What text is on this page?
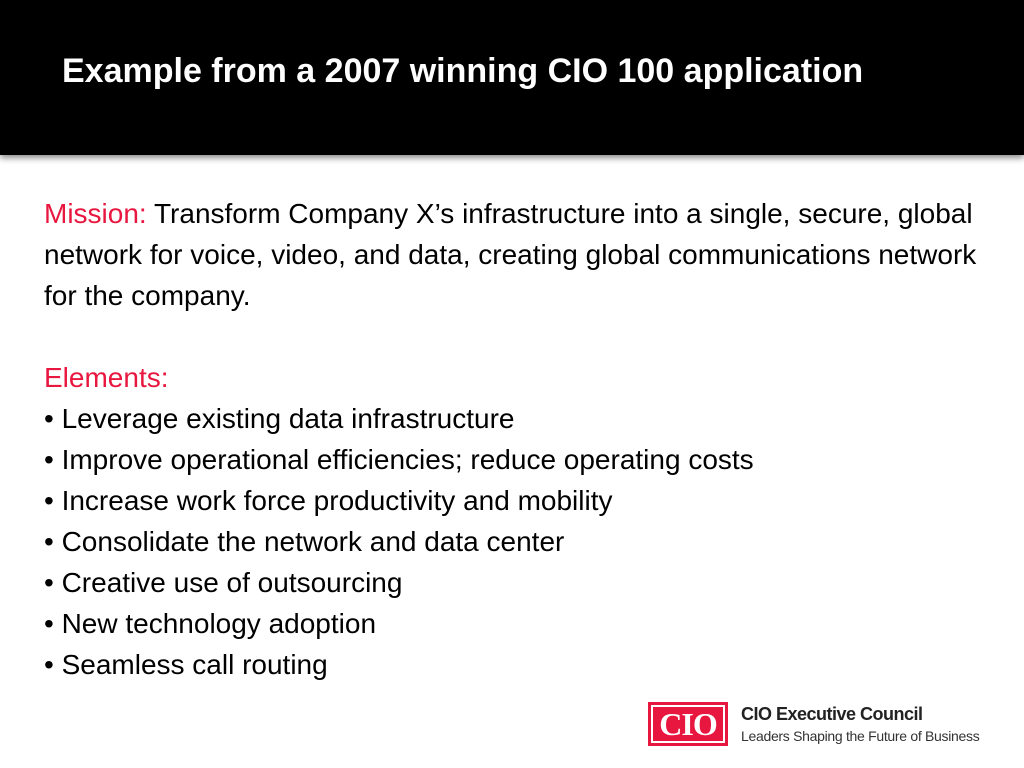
Example from a 2007 winning CIO 100 application

Mission: Transform Company X’s infrastructure into a single, secure, global network for voice, video, and data, creating global communications network for the company.

Elements:

• Leverage existing data infrastructure
• Improve operational efficiencies; reduce operating costs
• Increase work force productivity and mobility
• Consolidate the network and data center
• Creative use of outsourcing
• New technology adoption
• Seamless call routing
CIO	CIO Executive Council
Leaders Shaping the Future of Business
